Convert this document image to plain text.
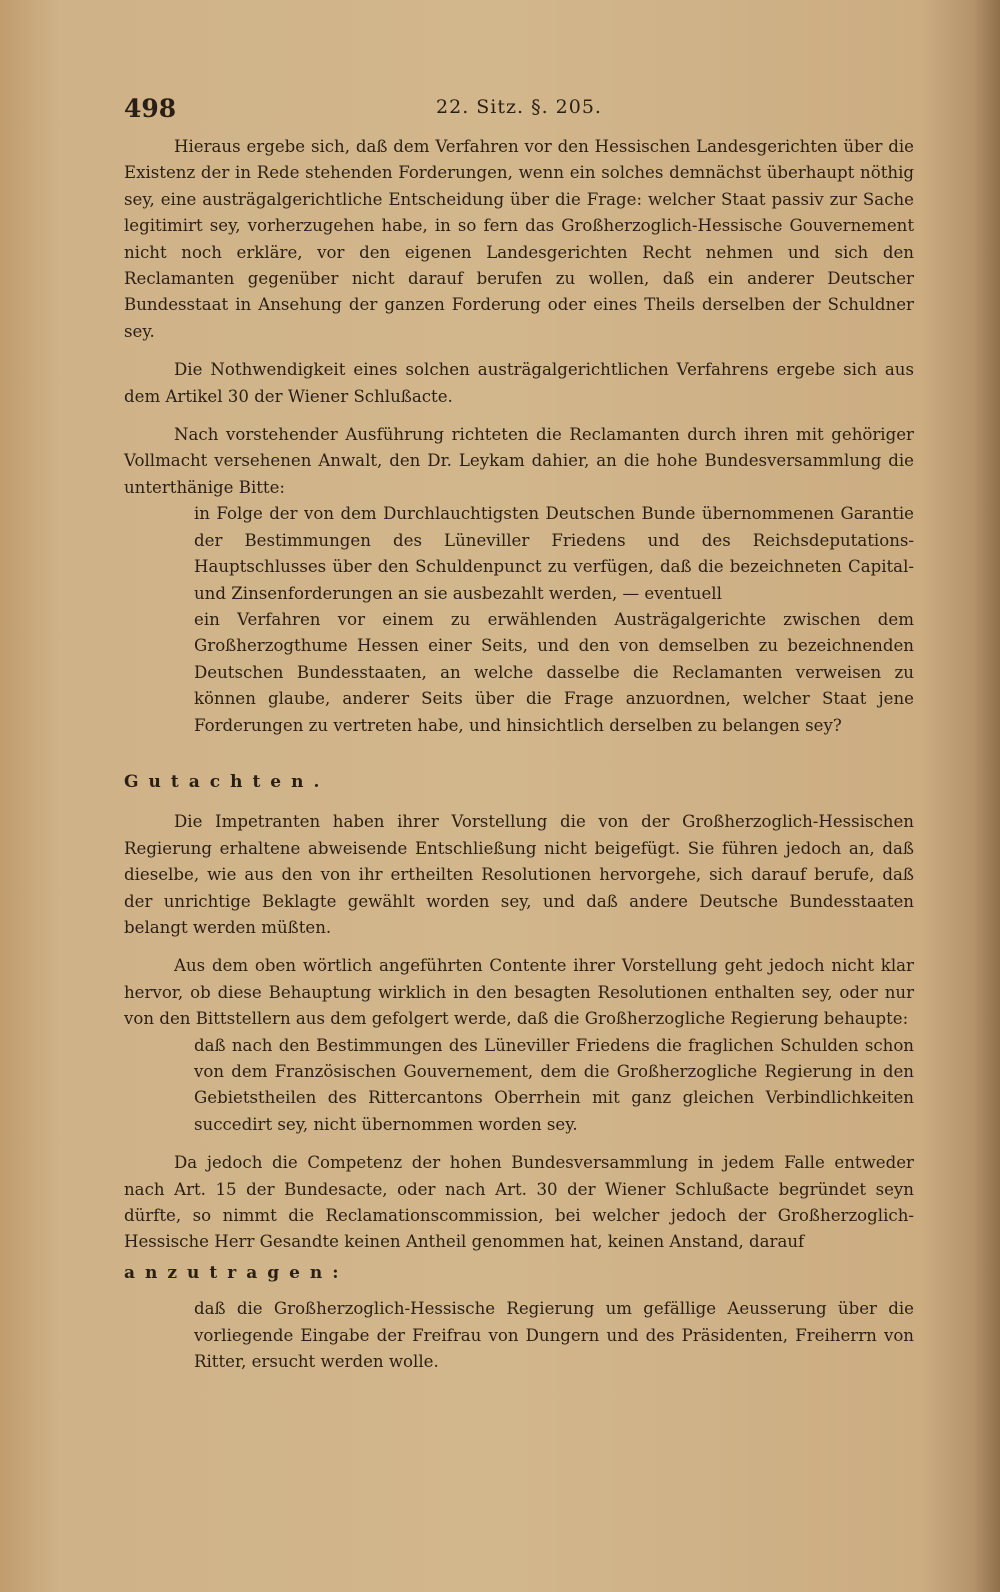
498	22. Sitz. §. 205.

Hieraus ergebe sich, daß dem Verfahren vor den Hessischen Landesgerichten über die Existenz der in Rede stehenden Forderungen, wenn ein solches demnächst überhaupt nöthig sey, eine austrägalgerichtliche Entscheidung über die Frage: welcher Staat passiv zur Sache legitimirt sey, vorherzugehen habe, in so fern das Großherzoglich-Hessische Gouvernement nicht noch erkläre, vor den eigenen Landesgerichten Recht nehmen und sich den Reclamanten gegenüber nicht darauf berufen zu wollen, daß ein anderer Deutscher Bundesstaat in Ansehung der ganzen Forderung oder eines Theils derselben der Schuldner sey.

Die Nothwendigkeit eines solchen austrägalgerichtlichen Verfahrens ergebe sich aus dem Artikel 30 der Wiener Schlußacte.

Nach vorstehender Ausführung richteten die Reclamanten durch ihren mit gehöriger Vollmacht versehenen Anwalt, den Dr. Leykam dahier, an die hohe Bundesversammlung die unterthänige Bitte:

in Folge der von dem Durchlauchtigsten Deutschen Bunde übernommenen Garantie der Bestimmungen des Lüneviller Friedens und des Reichsdeputations-Hauptschlusses über den Schuldenpunct zu verfügen, daß die bezeichneten Capital- und Zinsenforderungen an sie ausbezahlt werden, — eventuell

ein Verfahren vor einem zu erwählenden Austrägalgerichte zwischen dem Großherzogthume Hessen einer Seits, und den von demselben zu bezeichnenden Deutschen Bundesstaaten, an welche dasselbe die Reclamanten verweisen zu können glaube, anderer Seits über die Frage anzuordnen, welcher Staat jene Forderungen zu vertreten habe, und hinsichtlich derselben zu belangen sey?

Gutachten.

Die Impetranten haben ihrer Vorstellung die von der Großherzoglich-Hessischen Regierung erhaltene abweisende Entschließung nicht beigefügt. Sie führen jedoch an, daß dieselbe, wie aus den von ihr ertheilten Resolutionen hervorgehe, sich darauf berufe, daß der unrichtige Beklagte gewählt worden sey, und daß andere Deutsche Bundesstaaten belangt werden müßten.

Aus dem oben wörtlich angeführten Contente ihrer Vorstellung geht jedoch nicht klar hervor, ob diese Behauptung wirklich in den besagten Resolutionen enthalten sey, oder nur von den Bittstellern aus dem gefolgert werde, daß die Großherzogliche Regierung behaupte:

daß nach den Bestimmungen des Lüneviller Friedens die fraglichen Schulden schon von dem Französischen Gouvernement, dem die Großherzogliche Regierung in den Gebietstheilen des Rittercantons Oberrhein mit ganz gleichen Verbindlichkeiten succedirt sey, nicht übernommen worden sey.

Da jedoch die Competenz der hohen Bundesversammlung in jedem Falle entweder nach Art. 15 der Bundesacte, oder nach Art. 30 der Wiener Schlußacte begründet seyn dürfte, so nimmt die Reclamationscommission, bei welcher jedoch der Großherzoglich-Hessische Herr Gesandte keinen Antheil genommen hat, keinen Anstand, darauf

anzutragen:

daß die Großherzoglich-Hessische Regierung um gefällige Aeusserung über die vorliegende Eingabe der Freifrau von Dungern und des Präsidenten, Freiherrn von Ritter, ersucht werden wolle.
